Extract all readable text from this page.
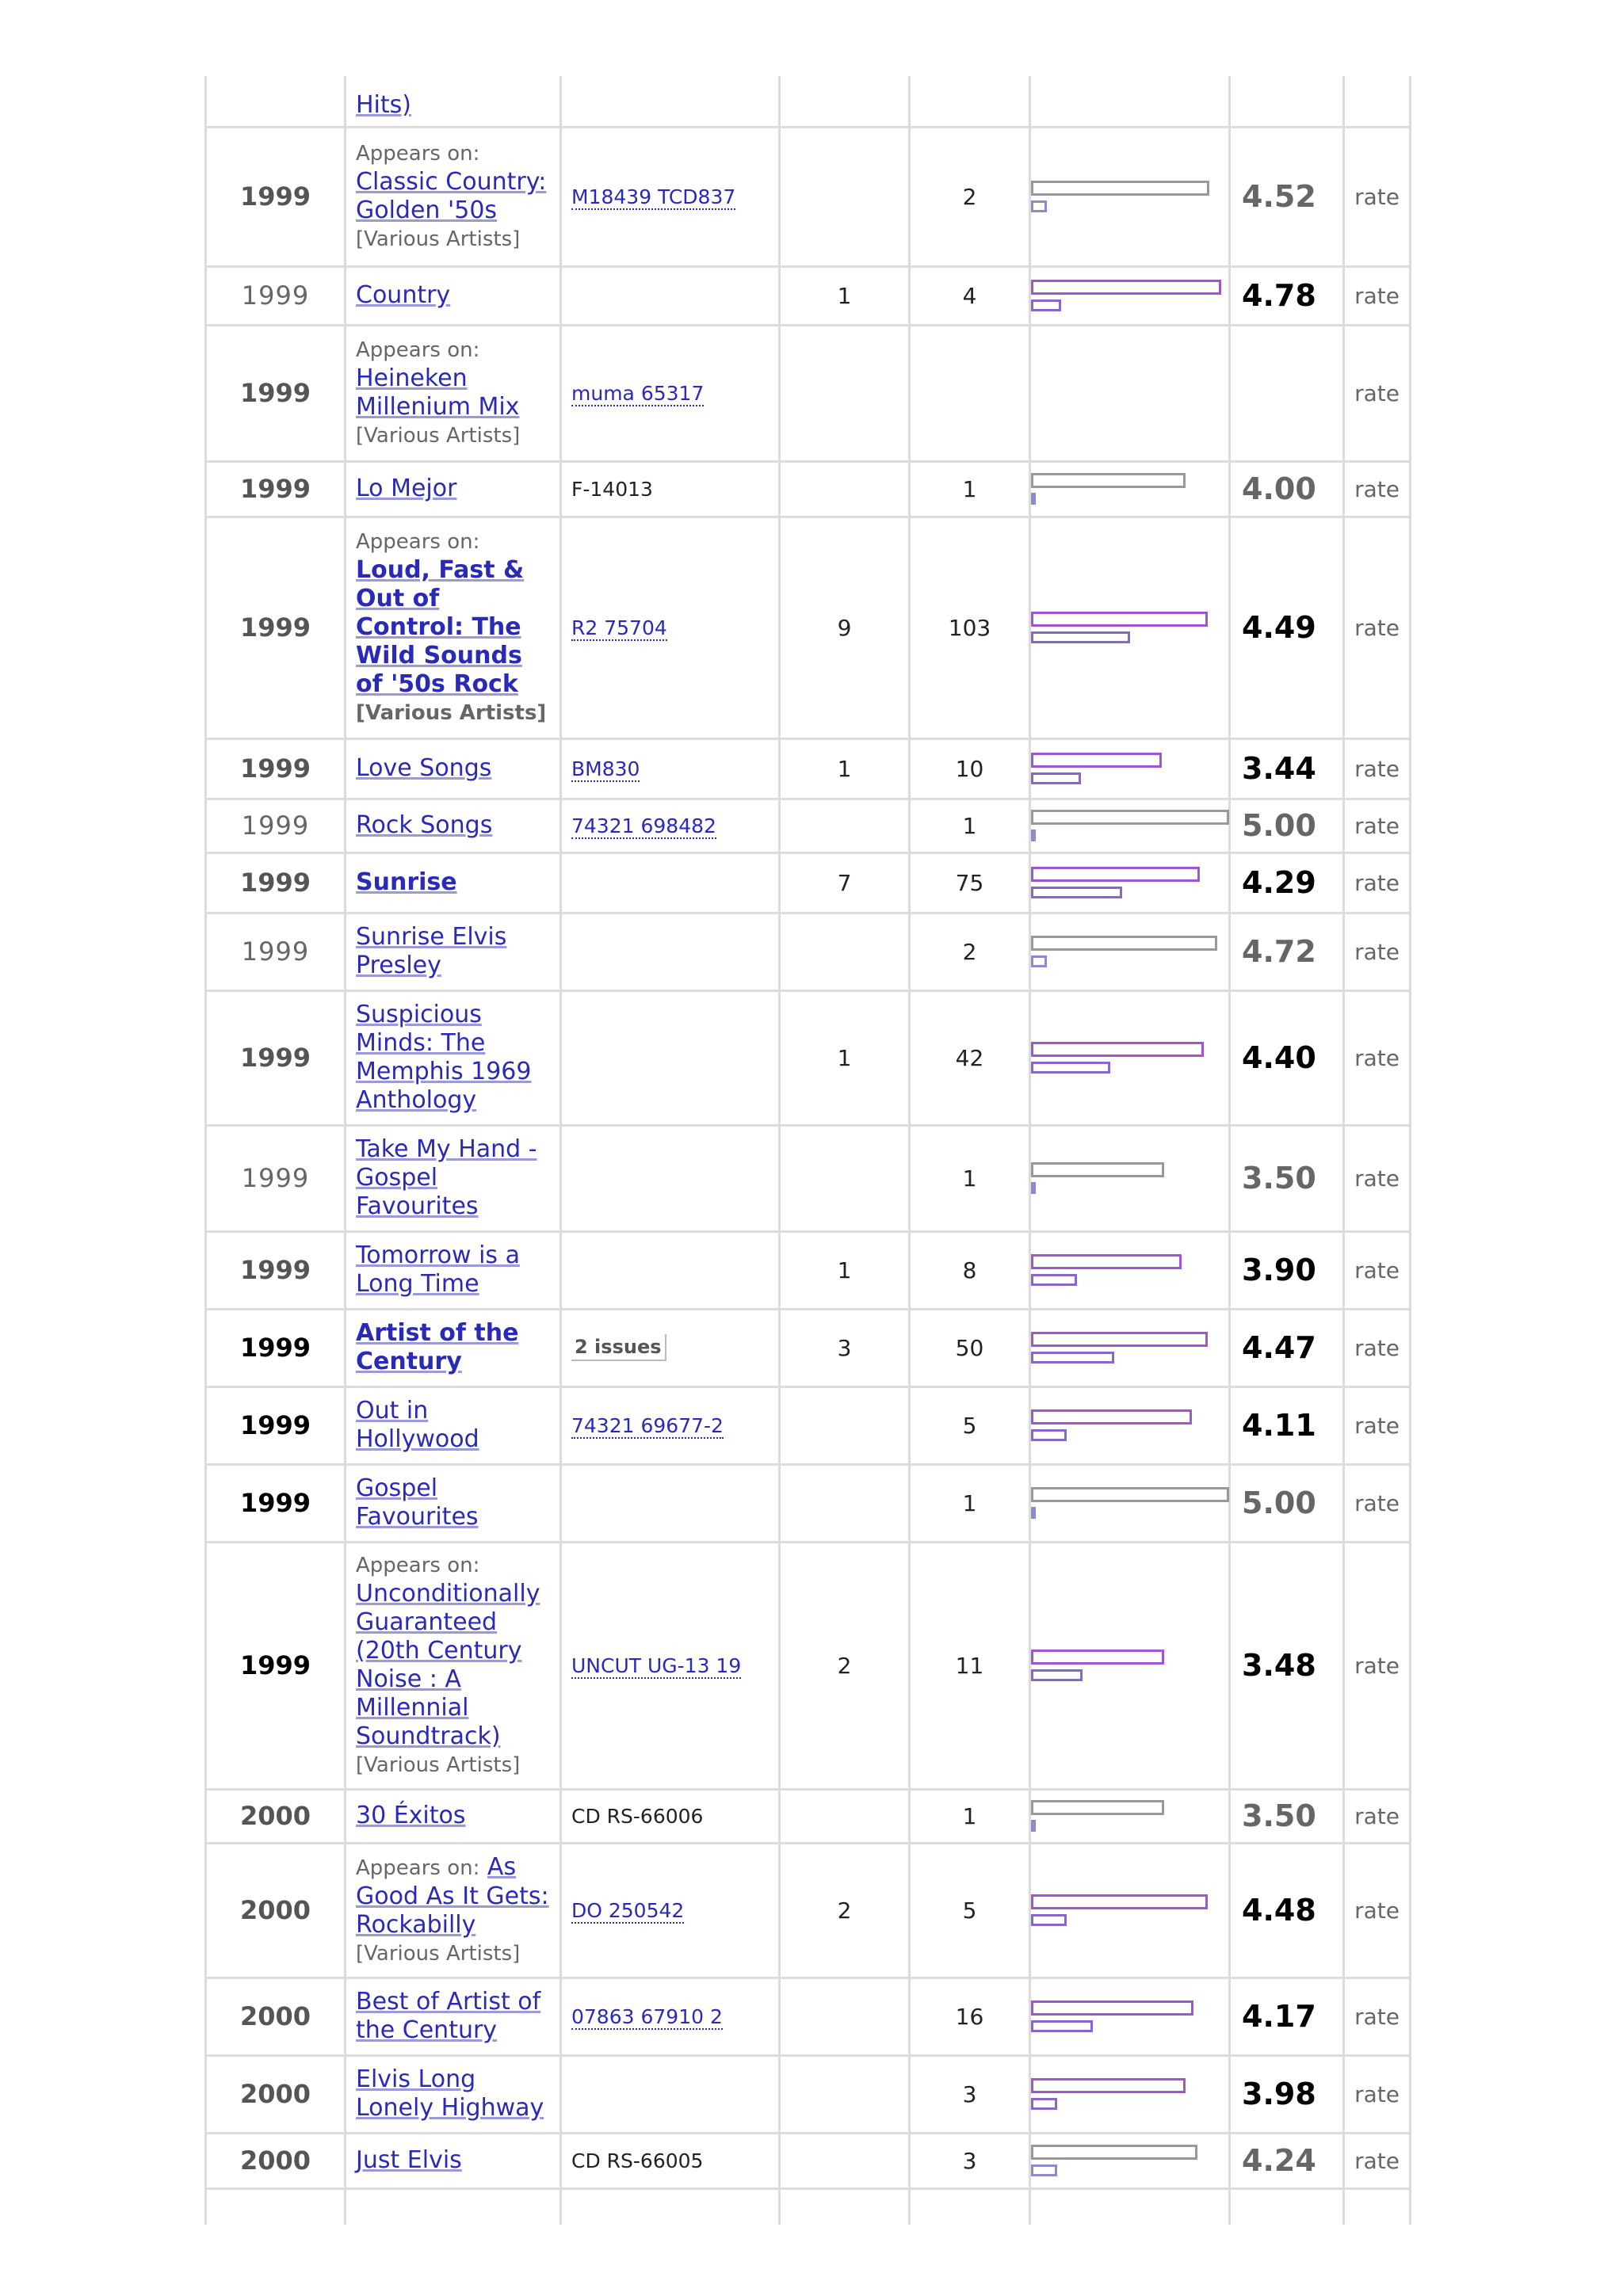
	Hits)						
1999	Appears on:
Classic Country: Golden '50s
[Various Artists]	M18439 TCD837		2		4.52	rate
1999	Country		1	4		4.78	rate
1999	Appears on:
Heineken Millenium Mix
[Various Artists]	muma 65317					rate
1999	Lo Mejor	F-14013		1		4.00	rate
1999	Appears on:
Loud, Fast & Out of Control: The Wild Sounds of '50s Rock
[Various Artists]	R2 75704	9	103		4.49	rate
1999	Love Songs	BM830	1	10		3.44	rate
1999	Rock Songs	74321 698482		1		5.00	rate
1999	Sunrise		7	75		4.29	rate
1999	Sunrise Elvis Presley			2		4.72	rate
1999	Suspicious Minds: The Memphis 1969 Anthology		1	42		4.40	rate
1999	Take My Hand - Gospel Favourites			1		3.50	rate
1999	Tomorrow is a Long Time		1	8		3.90	rate
1999	Artist of the Century	2 issues	3	50		4.47	rate
1999	Out in Hollywood	74321 69677-2		5		4.11	rate
1999	Gospel Favourites			1		5.00	rate
1999	Appears on:
Unconditionally Guaranteed (20th Century Noise : A Millennial Soundtrack)
[Various Artists]	UNCUT UG-13 19	2	11		3.48	rate
2000	30 Éxitos	CD RS-66006		1		3.50	rate
2000	Appears on: As Good As It Gets: Rockabilly
[Various Artists]	DO 250542	2	5		4.48	rate
2000	Best of Artist of the Century	07863 67910 2		16		4.17	rate
2000	Elvis Long Lonely Highway			3		3.98	rate
2000	Just Elvis	CD RS-66005		3		4.24	rate
